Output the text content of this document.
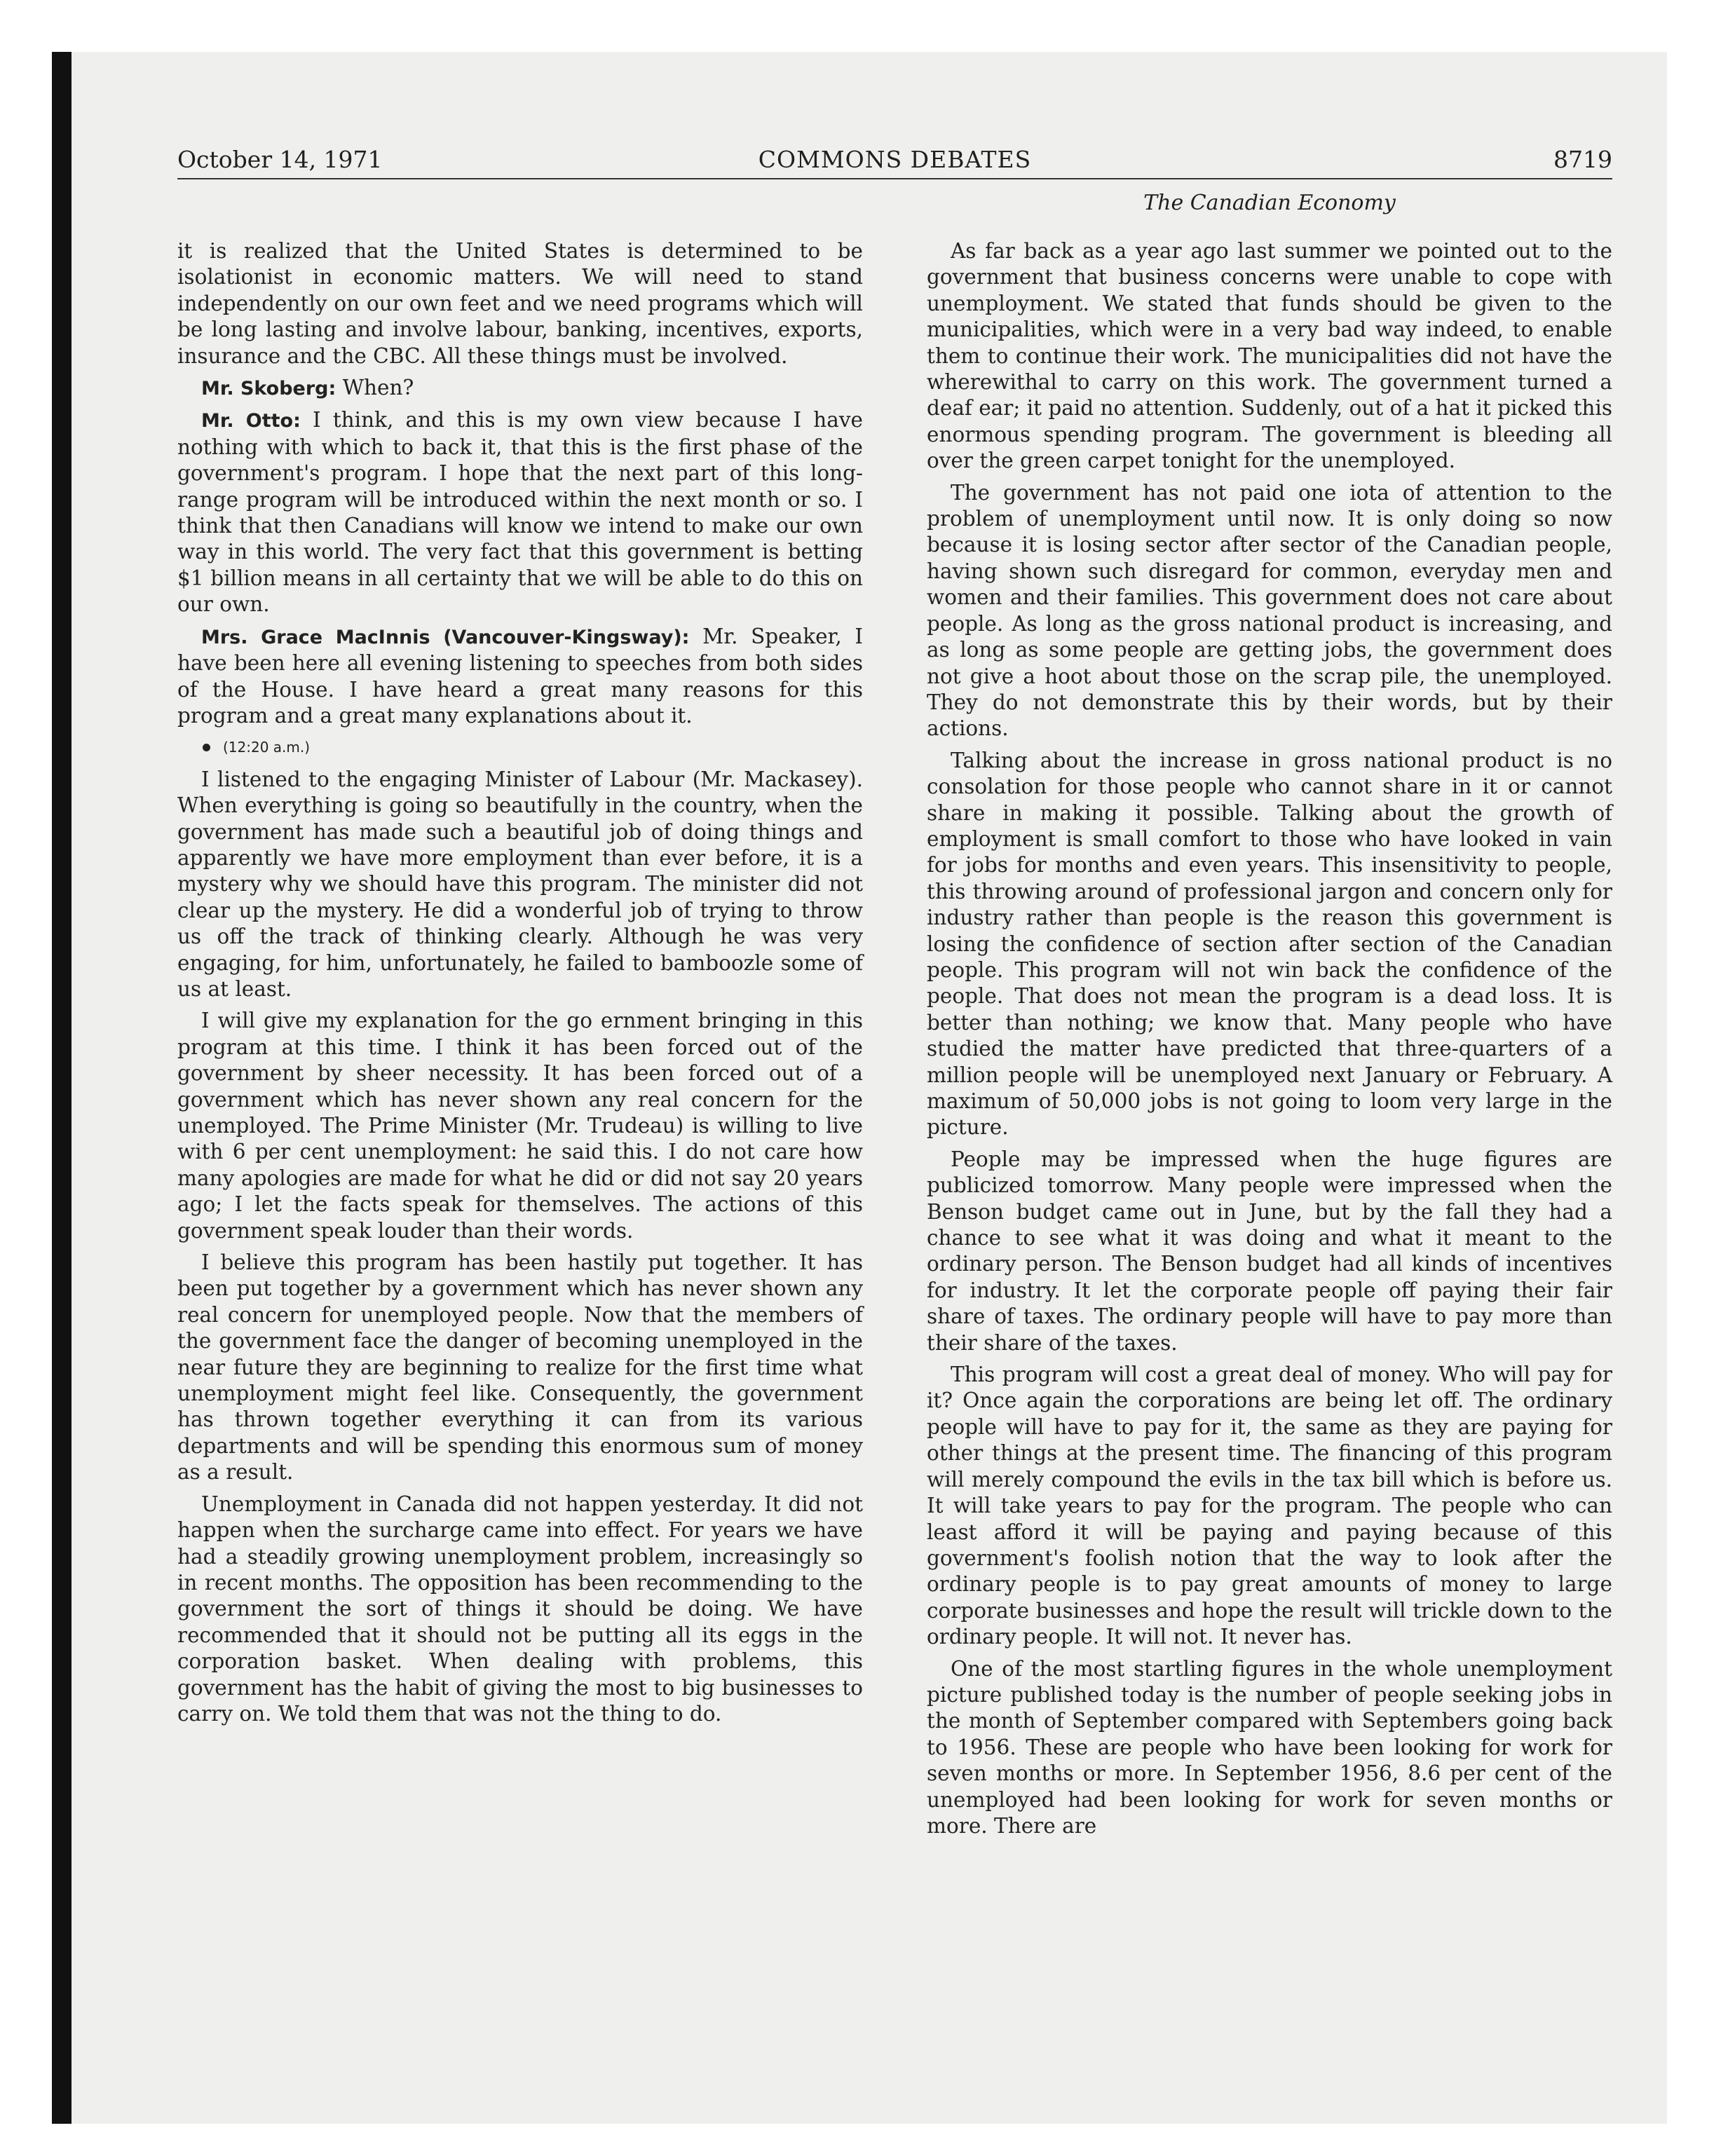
October 14, 1971	COMMONS DEBATES	8719
The Canadian Economy

it is realized that the United States is determined to be isolationist in economic matters. We will need to stand independently on our own feet and we need programs which will be long lasting and involve labour, banking, incentives, exports, insurance and the CBC. All these things must be involved.

Mr. Skoberg: When?

Mr. Otto: I think, and this is my own view because I have nothing with which to back it, that this is the first phase of the government's program. I hope that the next part of this long-range program will be introduced within the next month or so. I think that then Canadians will know we intend to make our own way in this world. The very fact that this government is betting $1 billion means in all certainty that we will be able to do this on our own.

Mrs. Grace MacInnis (Vancouver-Kingsway): Mr. Speaker, I have been here all evening listening to speeches from both sides of the House. I have heard a great many reasons for this program and a great many explanations about it.

(12:20 a.m.)

I listened to the engaging Minister of Labour (Mr. Mackasey). When everything is going so beautifully in the country, when the government has made such a beautiful job of doing things and apparently we have more employment than ever before, it is a mystery why we should have this program. The minister did not clear up the mystery. He did a wonderful job of trying to throw us off the track of thinking clearly. Although he was very engaging, for him, unfortunately, he failed to bamboozle some of us at least.

I will give my explanation for the go ernment bringing in this program at this time. I think it has been forced out of the government by sheer necessity. It has been forced out of a government which has never shown any real concern for the unemployed. The Prime Minister (Mr. Trudeau) is willing to live with 6 per cent unemployment: he said this. I do not care how many apologies are made for what he did or did not say 20 years ago; I let the facts speak for themselves. The actions of this government speak louder than their words.

I believe this program has been hastily put together. It has been put together by a government which has never shown any real concern for unemployed people. Now that the members of the government face the danger of becoming unemployed in the near future they are beginning to realize for the first time what unemployment might feel like. Consequently, the government has thrown together everything it can from its various departments and will be spending this enormous sum of money as a result.

Unemployment in Canada did not happen yesterday. It did not happen when the surcharge came into effect. For years we have had a steadily growing unemployment problem, increasingly so in recent months. The opposition has been recommending to the government the sort of things it should be doing. We have recommended that it should not be putting all its eggs in the corporation basket. When dealing with problems, this government has the habit of giving the most to big businesses to carry on. We told them that was not the thing to do.

As far back as a year ago last summer we pointed out to the government that business concerns were unable to cope with unemployment. We stated that funds should be given to the municipalities, which were in a very bad way indeed, to enable them to continue their work. The municipalities did not have the wherewithal to carry on this work. The government turned a deaf ear; it paid no attention. Suddenly, out of a hat it picked this enormous spending program. The government is bleeding all over the green carpet tonight for the unemployed.

The government has not paid one iota of attention to the problem of unemployment until now. It is only doing so now because it is losing sector after sector of the Canadian people, having shown such disregard for common, everyday men and women and their families. This government does not care about people. As long as the gross national product is increasing, and as long as some people are getting jobs, the government does not give a hoot about those on the scrap pile, the unemployed. They do not demonstrate this by their words, but by their actions.

Talking about the increase in gross national product is no consolation for those people who cannot share in it or cannot share in making it possible. Talking about the growth of employment is small comfort to those who have looked in vain for jobs for months and even years. This insensitivity to people, this throwing around of professional jargon and concern only for industry rather than people is the reason this government is losing the confidence of section after section of the Canadian people. This program will not win back the confidence of the people. That does not mean the program is a dead loss. It is better than nothing; we know that. Many people who have studied the matter have predicted that three-quarters of a million people will be unemployed next January or February. A maximum of 50,000 jobs is not going to loom very large in the picture.

People may be impressed when the huge figures are publicized tomorrow. Many people were impressed when the Benson budget came out in June, but by the fall they had a chance to see what it was doing and what it meant to the ordinary person. The Benson budget had all kinds of incentives for industry. It let the corporate people off paying their fair share of taxes. The ordinary people will have to pay more than their share of the taxes.

This program will cost a great deal of money. Who will pay for it? Once again the corporations are being let off. The ordinary people will have to pay for it, the same as they are paying for other things at the present time. The financing of this program will merely compound the evils in the tax bill which is before us. It will take years to pay for the program. The people who can least afford it will be paying and paying because of this government's foolish notion that the way to look after the ordinary people is to pay great amounts of money to large corporate businesses and hope the result will trickle down to the ordinary people. It will not. It never has.

One of the most startling figures in the whole unemployment picture published today is the number of people seeking jobs in the month of September compared with Septembers going back to 1956. These are people who have been looking for work for seven months or more. In September 1956, 8.6 per cent of the unemployed had been looking for work for seven months or more. There are
